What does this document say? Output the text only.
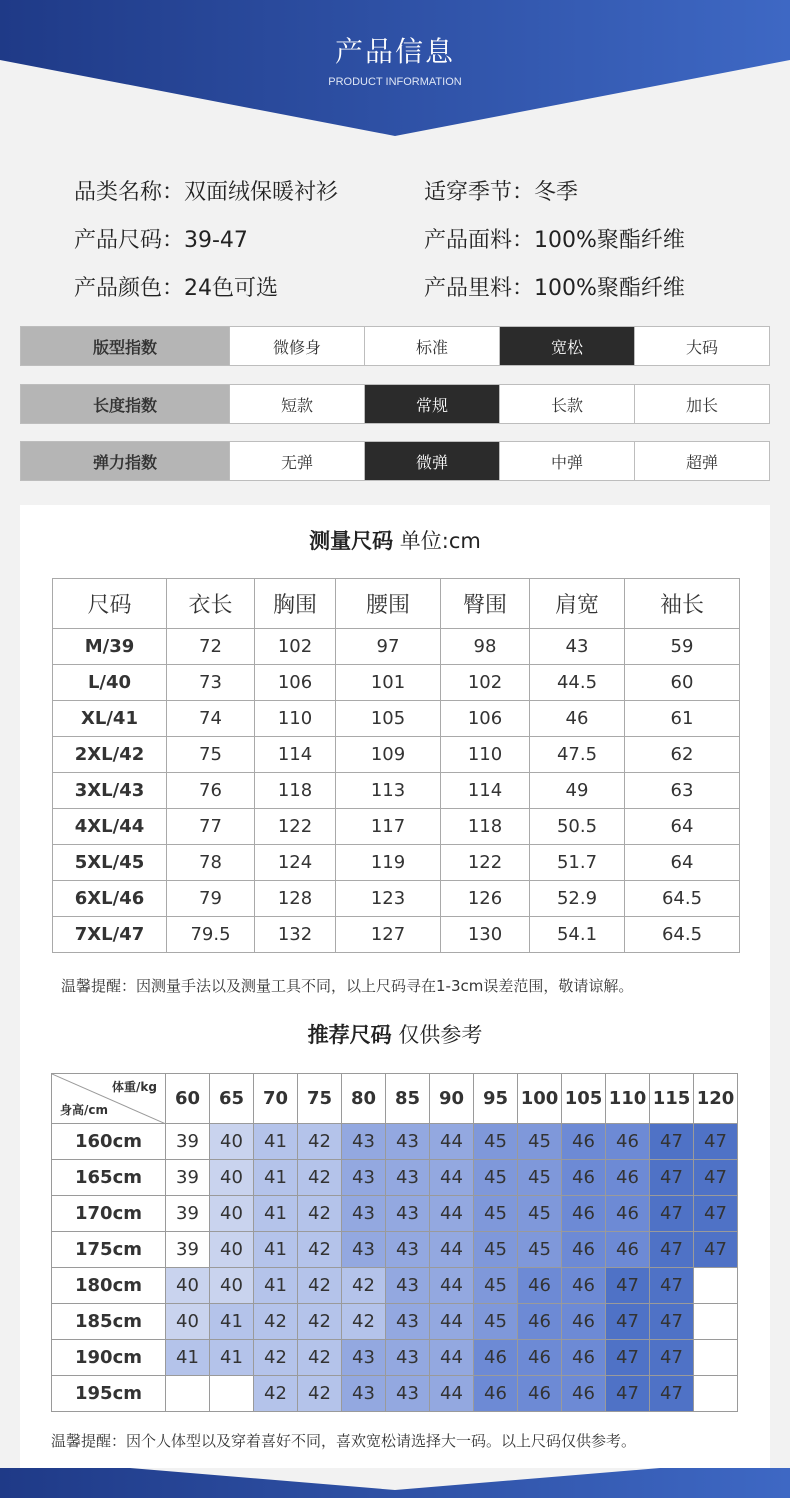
产品信息
PRODUCT INFORMATION
品类名称：双面绒保暖衬衫	适穿季节：冬季
产品尺码：39-47	产品面料：100%聚酯纤维
产品颜色：24色可选	产品里料：100%聚酯纤维
版型指数	微修身	标准	宽松	大码
长度指数	短款	常规	长款	加长
弹力指数	无弹	微弹	中弹	超弹
测量尺码 单位:cm
尺码	衣长	胸围	腰围	臀围	肩宽	袖长
M/39	72	102	97	98	43	59
L/40	73	106	101	102	44.5	60
XL/41	74	110	105	106	46	61
2XL/42	75	114	109	110	47.5	62
3XL/43	76	118	113	114	49	63
4XL/44	77	122	117	118	50.5	64
5XL/45	78	124	119	122	51.7	64
6XL/46	79	128	123	126	52.9	64.5
7XL/47	79.5	132	127	130	54.1	64.5
温馨提醒：因测量手法以及测量工具不同，以上尺码寻在1-3cm误差范围，敬请谅解。
推荐尺码 仅供参考
体重/kg
身高/cm	60	65	70	75	80	85	90	95	100	105	110	115	120
160cm	39	40	41	42	43	43	44	45	45	46	46	47	47
165cm	39	40	41	42	43	43	44	45	45	46	46	47	47
170cm	39	40	41	42	43	43	44	45	45	46	46	47	47
175cm	39	40	41	42	43	43	44	45	45	46	46	47	47
180cm	40	40	41	42	42	43	44	45	46	46	47	47	
185cm	40	41	42	42	42	43	44	45	46	46	47	47	
190cm	41	41	42	42	43	43	44	46	46	46	47	47	
195cm			42	42	43	43	44	46	46	46	47	47	
温馨提醒：因个人体型以及穿着喜好不同，喜欢宽松请选择大一码。以上尺码仅供参考。
